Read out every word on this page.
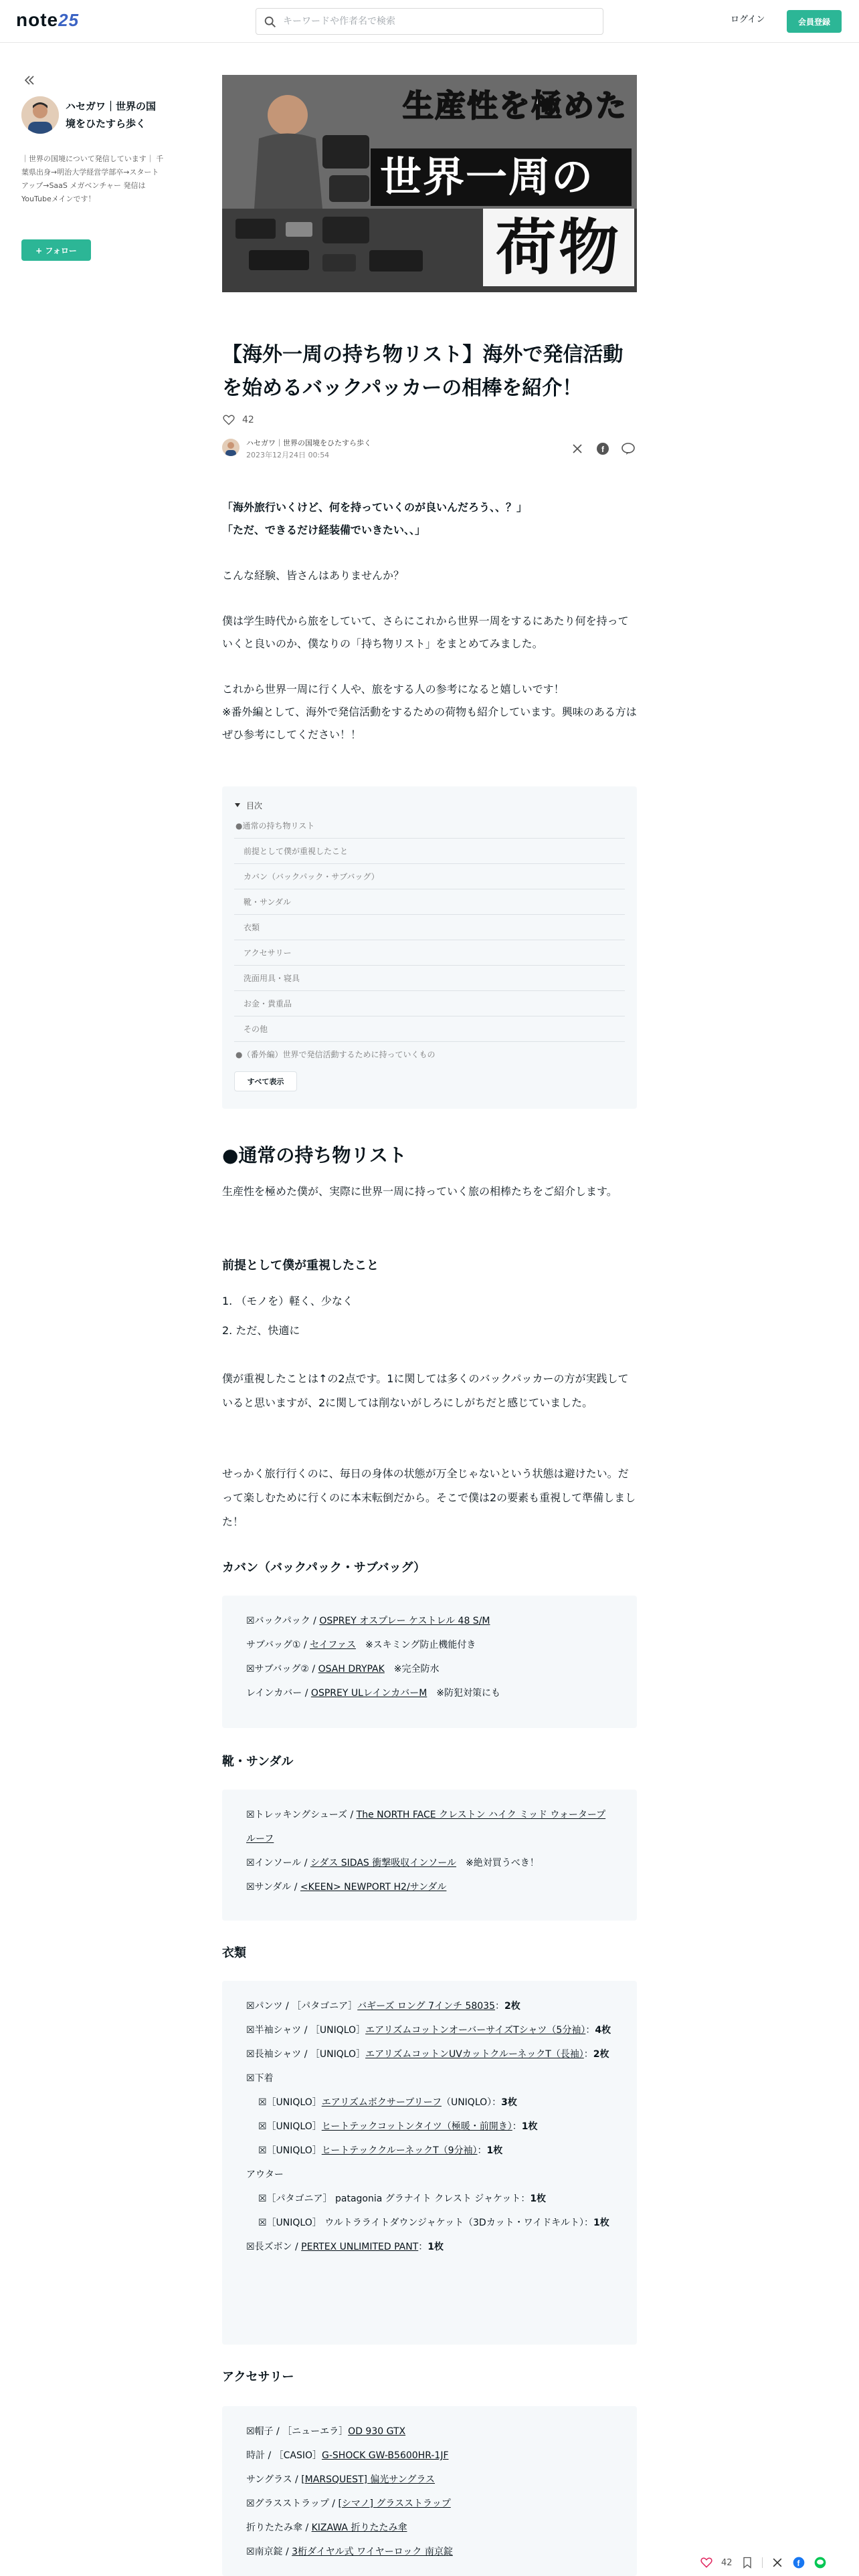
note25
キーワードや作者名で検索	ログイン	会員登録
ハセガワ｜世界の国境をひたすら歩く
｜世界の国境について発信しています｜ 千葉県出身→明治大学経営学部卒→スタートアップ→SaaS メガベンチャー 発信はYouTubeメインです！
+ フォロー
生産性を極めた
世界一周の
荷物
【海外一周の持ち物リスト】海外で発信活動を始めるバックパッカーの相棒を紹介！
42
ハセガワ｜世界の国境をひたすら歩く
2023年12月24日 00:54
f

「海外旅行いくけど、何を持っていくのが良いんだろう、、？」

「ただ、できるだけ経装備でいきたい、、」

こんな経験、皆さんはありませんか？

僕は学生時代から旅をしていて、さらにこれから世界一周をするにあたり何を持っていくと良いのか、僕なりの「持ち物リスト」をまとめてみました。

これから世界一周に行く人や、旅をする人の参考になると嬉しいです！

※番外編として、海外で発信活動をするための荷物も紹介しています。興味のある方はぜひ参考にしてください！！

目次
●通常の持ち物リスト
前提として僕が重視したこと
カバン（バックパック・サブバッグ）
靴・サンダル
衣類
アクセサリー
洗面用具・寝具
お金・貴重品
その他
●（番外編）世界で発信活動するために持っていくもの
すべて表示
●通常の持ち物リスト

生産性を極めた僕が、実際に世界一周に持っていく旅の相棒たちをご紹介します。

前提として僕が重視したこと
1. （モノを）軽く、少なく
2. ただ、快適に

僕が重視したことは↑の2点です。1に関しては多くのバックパッカーの方が実践していると思いますが、2に関しては削ないがしろにしがちだと感じていました。

せっかく旅行行くのに、毎日の身体の状態が万全じゃないという状態は避けたい。だって楽しむために行くのに本末転倒だから。そこで僕は2の要素も重視して準備しました！

カバン（バックパック・サブバッグ）
☒バックパック / OSPREY オスプレー ケストレル 48 S/M
サブバッグ① / セイファス　※スキミング防止機能付き
☒サブバッグ② / OSAH DRYPAK　※完全防水
レインカバー / OSPREY ULレインカバーM　※防犯対策にも
靴・サンダル
☒トレッキングシューズ / The NORTH FACE クレストン ハイク ミッド ウォータープルーフ
☒インソール / シダス SIDAS 衝撃吸収インソール　※絶対買うべき！
☒サンダル / <KEEN> NEWPORT H2/サンダル
衣類
☒パンツ / ［パタゴニア］バギーズ ロング 7インチ 58035：2枚
☒半袖シャツ / ［UNIQLO］エアリズムコットンオーバーサイズTシャツ（5分袖）：4枚
☒長袖シャツ / ［UNIQLO］エアリズムコットンUVカットクルーネックT（長袖）：2枚
☒下着
☒［UNIQLO］エアリズムボクサーブリーフ（UNIQLO）：3枚
☒［UNIQLO］ヒートテックコットンタイツ（極暖・前開き）：1枚
☒［UNIQLO］ヒートテッククルーネックT（9分袖）：1枚
アウター
☒［パタゴニア］ patagonia グラナイト クレスト ジャケット：1枚
☒［UNIQLO］ ウルトラライトダウンジャケット（3Dカット・ワイドキルト）：1枚
☒長ズボン / PERTEX UNLIMITED PANT：1枚
アクセサリー
☒帽子 / ［ニューエラ］OD 930 GTX
時計 / ［CASIO］G-SHOCK GW-B5600HR-1JF
サングラス / [MARSQUEST] 偏光サングラス
☒グラスストラップ / [シマノ] グラスストラップ
折りたたみ傘 / KIZAWA 折りたたみ傘
☒南京錠 / 3桁ダイヤル式 ワイヤーロック 南京錠
42	f
